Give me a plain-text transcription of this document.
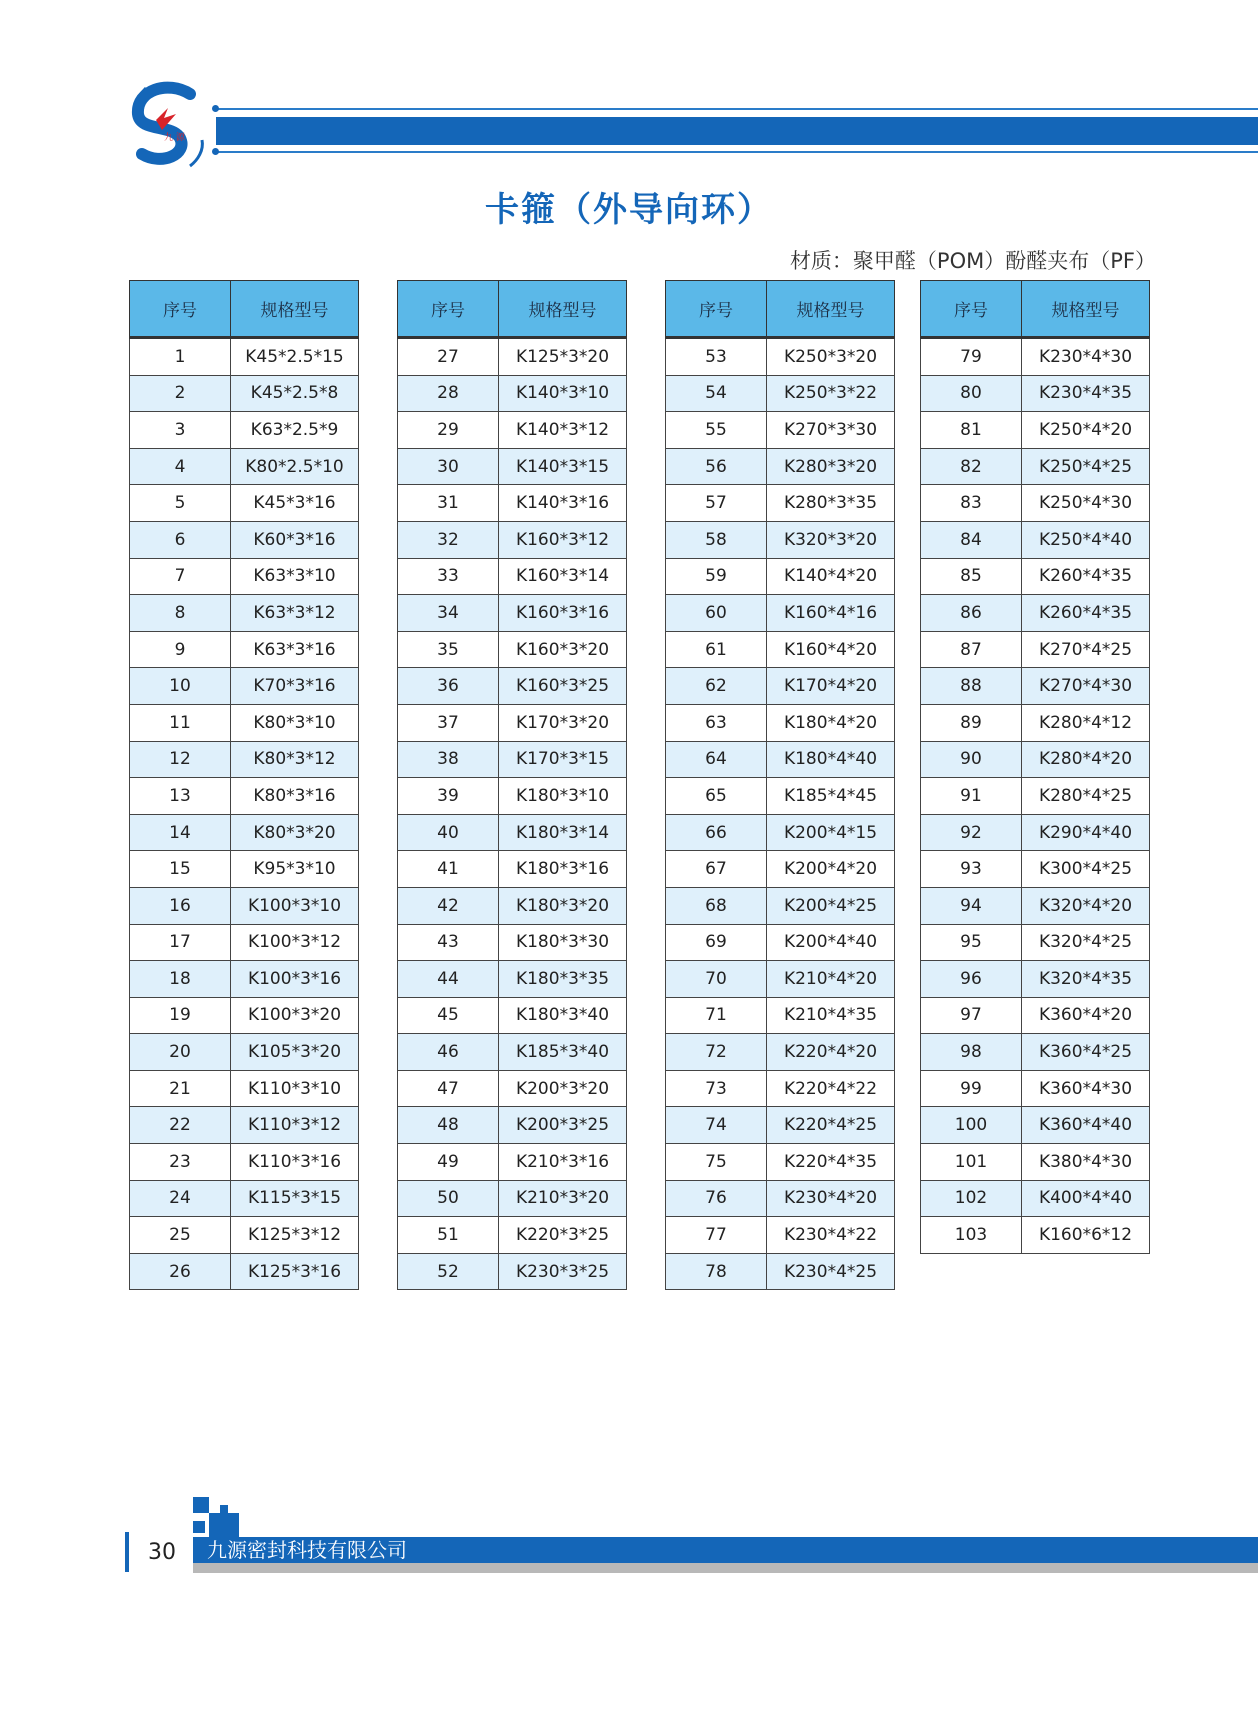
九 源
卡箍（外导向环）
材质：聚甲醛（POM）酚醛夹布（PF）
序号	规格型号
1	K45*2.5*15
2	K45*2.5*8
3	K63*2.5*9
4	K80*2.5*10
5	K45*3*16
6	K60*3*16
7	K63*3*10
8	K63*3*12
9	K63*3*16
10	K70*3*16
11	K80*3*10
12	K80*3*12
13	K80*3*16
14	K80*3*20
15	K95*3*10
16	K100*3*10
17	K100*3*12
18	K100*3*16
19	K100*3*20
20	K105*3*20
21	K110*3*10
22	K110*3*12
23	K110*3*16
24	K115*3*15
25	K125*3*12
26	K125*3*16
序号	规格型号
27	K125*3*20
28	K140*3*10
29	K140*3*12
30	K140*3*15
31	K140*3*16
32	K160*3*12
33	K160*3*14
34	K160*3*16
35	K160*3*20
36	K160*3*25
37	K170*3*20
38	K170*3*15
39	K180*3*10
40	K180*3*14
41	K180*3*16
42	K180*3*20
43	K180*3*30
44	K180*3*35
45	K180*3*40
46	K185*3*40
47	K200*3*20
48	K200*3*25
49	K210*3*16
50	K210*3*20
51	K220*3*25
52	K230*3*25
序号	规格型号
53	K250*3*20
54	K250*3*22
55	K270*3*30
56	K280*3*20
57	K280*3*35
58	K320*3*20
59	K140*4*20
60	K160*4*16
61	K160*4*20
62	K170*4*20
63	K180*4*20
64	K180*4*40
65	K185*4*45
66	K200*4*15
67	K200*4*20
68	K200*4*25
69	K200*4*40
70	K210*4*20
71	K210*4*35
72	K220*4*20
73	K220*4*22
74	K220*4*25
75	K220*4*35
76	K230*4*20
77	K230*4*22
78	K230*4*25
序号	规格型号
79	K230*4*30
80	K230*4*35
81	K250*4*20
82	K250*4*25
83	K250*4*30
84	K250*4*40
85	K260*4*35
86	K260*4*35
87	K270*4*25
88	K270*4*30
89	K280*4*12
90	K280*4*20
91	K280*4*25
92	K290*4*40
93	K300*4*25
94	K320*4*20
95	K320*4*25
96	K320*4*35
97	K360*4*20
98	K360*4*25
99	K360*4*30
100	K360*4*40
101	K380*4*30
102	K400*4*40
103	K160*6*12
九源密封科技有限公司
30
